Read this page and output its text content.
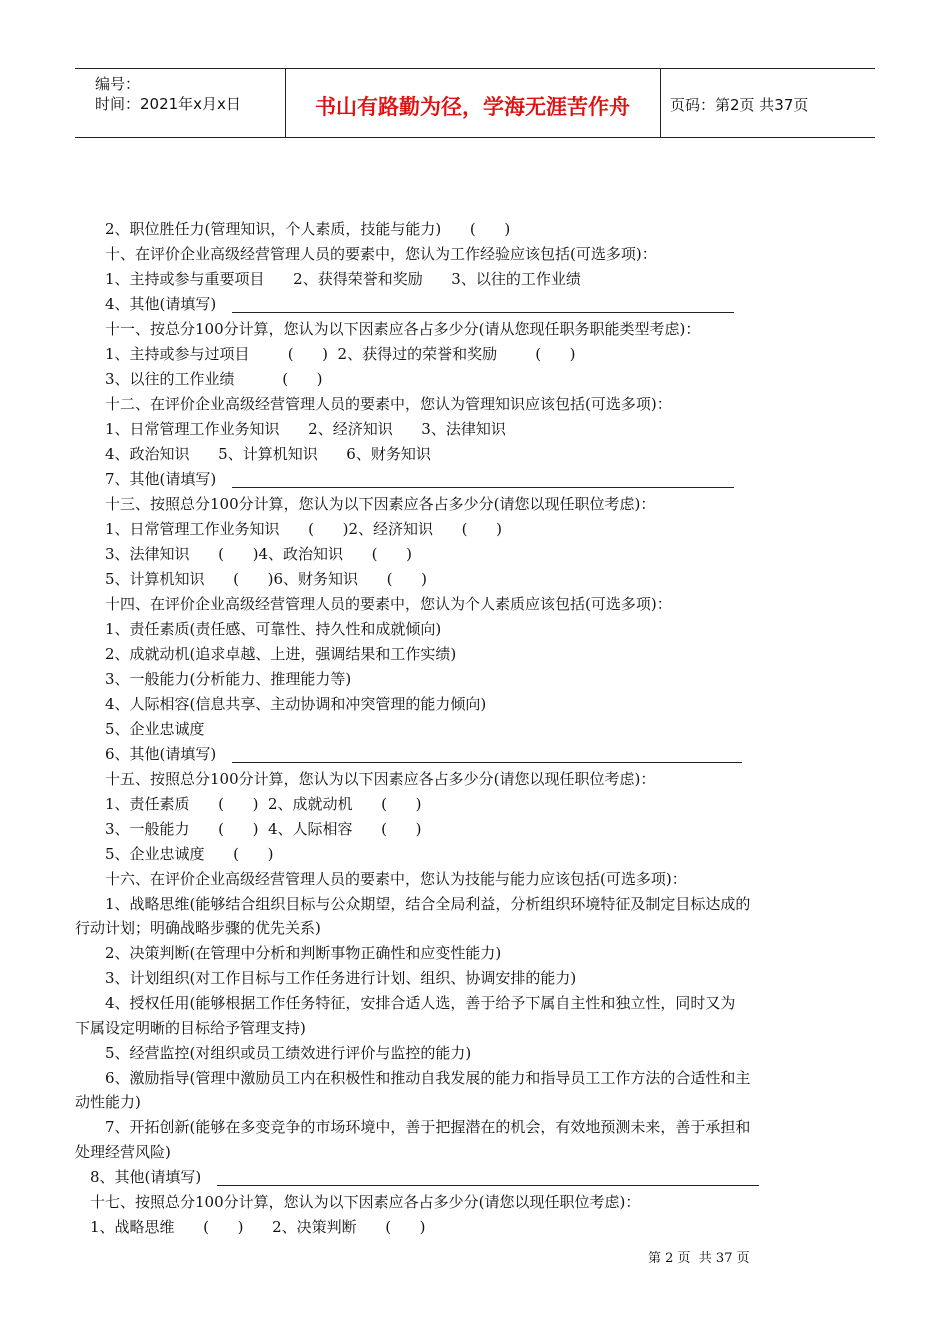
编号：
时间：2021年x月x日	书山有路勤为径，学海无涯苦作舟	页码：第2页 共37页
2、职位胜任力(管理知识，个人素质，技能与能力)      (      )
十、在评价企业高级经营管理人员的要素中，您认为工作经验应该包括(可选多项)：
1、主持或参与重要项目      2、获得荣誉和奖励      3、以往的工作业绩
4、其他(请填写)
十一、按总分100分计算，您认为以下因素应各占多少分(请从您现任职务职能类型考虑)：
1、主持或参与过项目        (      )  2、获得过的荣誉和奖励        (      )
3、以往的工作业绩          (      )
十二、在评价企业高级经营管理人员的要素中，您认为管理知识应该包括(可选多项)：
1、日常管理工作业务知识      2、经济知识      3、法律知识
4、政治知识      5、计算机知识      6、财务知识
7、其他(请填写)
十三、按照总分100分计算，您认为以下因素应各占多少分(请您以现任职位考虑)：
1、日常管理工作业务知识      (      )2、经济知识      (      )
3、法律知识      (      )4、政治知识      (      )
5、计算机知识      (      )6、财务知识      (      )
十四、在评价企业高级经营管理人员的要素中，您认为个人素质应该包括(可选多项)：
1、责任素质(责任感、可靠性、持久性和成就倾向)
2、成就动机(追求卓越、上进，强调结果和工作实绩)
3、一般能力(分析能力、推理能力等)
4、人际相容(信息共享、主动协调和冲突管理的能力倾向)
5、企业忠诚度
6、其他(请填写)
十五、按照总分100分计算，您认为以下因素应各占多少分(请您以现任职位考虑)：
1、责任素质      (      )  2、成就动机      (      )
3、一般能力      (      )  4、人际相容      (      )
5、企业忠诚度      (      )
十六、在评价企业高级经营管理人员的要素中，您认为技能与能力应该包括(可选多项)：
1、战略思维(能够结合组织目标与公众期望，结合全局利益，分析组织环境特征及制定目标达成的
行动计划；明确战略步骤的优先关系)
2、决策判断(在管理中分析和判断事物正确性和应变性能力)
3、计划组织(对工作目标与工作任务进行计划、组织、协调安排的能力)
4、授权任用(能够根据工作任务特征，安排合适人选，善于给予下属自主性和独立性，同时又为
下属设定明晰的目标给予管理支持)
5、经营监控(对组织或员工绩效进行评价与监控的能力)
6、激励指导(管理中激励员工内在积极性和推动自我发展的能力和指导员工工作方法的合适性和主
动性能力)
7、开拓创新(能够在多变竞争的市场环境中，善于把握潜在的机会，有效地预测未来，善于承担和
处理经营风险)
8、其他(请填写)
十七、按照总分100分计算，您认为以下因素应各占多少分(请您以现任职位考虑)：
1、战略思维      (      )      2、决策判断      (      )
第 2 页  共 37 页
